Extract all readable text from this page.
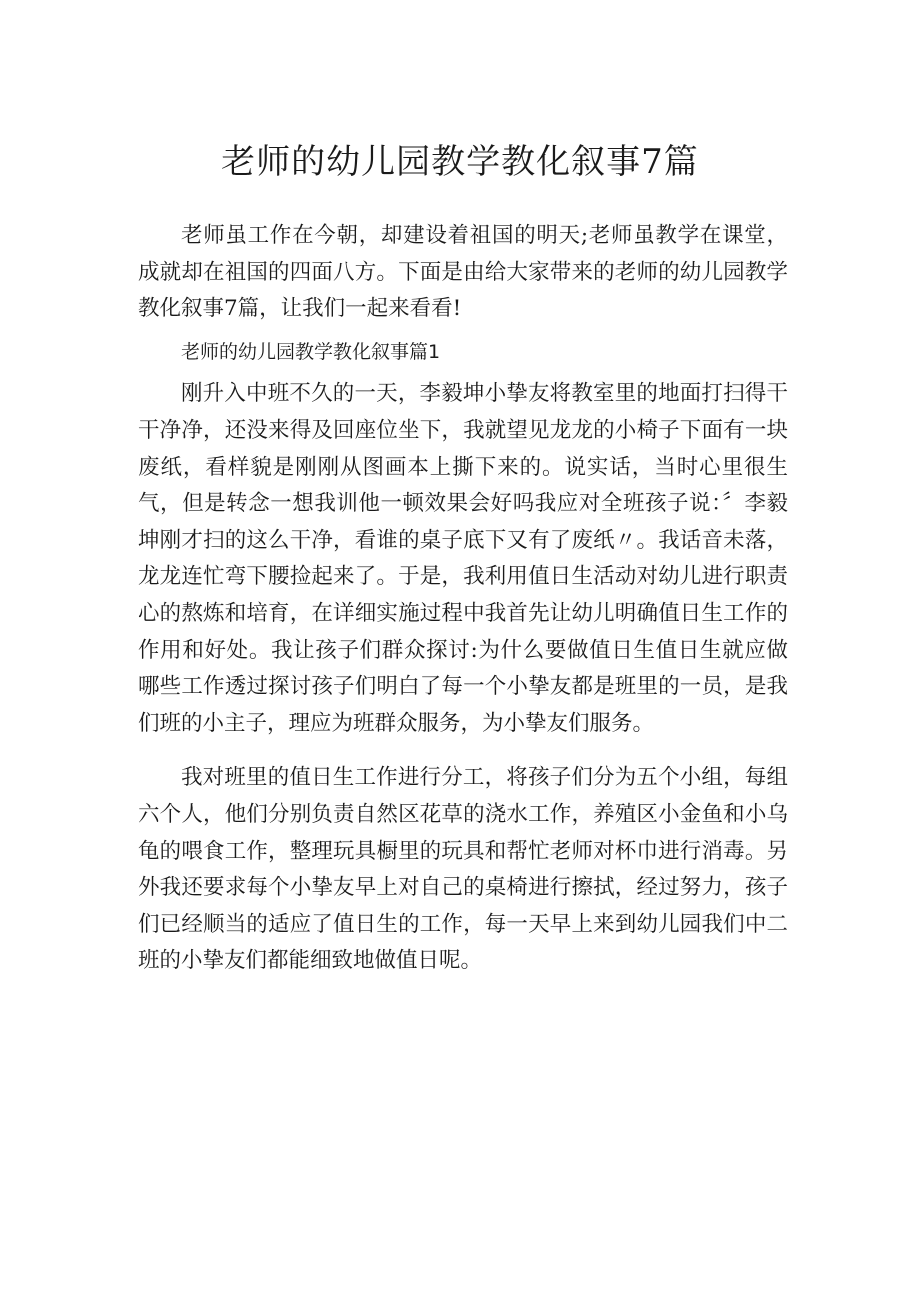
老师的幼儿园教学教化叙事7篇

老师虽工作在今朝，却建设着祖国的明天;老师虽教学在课堂，成就却在祖国的四面八方。下面是由给大家带来的老师的幼儿园教学教化叙事7篇，让我们一起来看看!

老师的幼儿园教学教化叙事篇1

刚升入中班不久的一天，李毅坤小挚友将教室里的地面打扫得干干净净，还没来得及回座位坐下，我就望见龙龙的小椅子下面有一块废纸，看样貌是刚刚从图画本上撕下来的。说实话，当时心里很生气，但是转念一想我训他一顿效果会好吗我应对全班孩子说：〞李毅坤刚才扫的这么干净，看谁的桌子底下又有了废纸〃。我话音未落，龙龙连忙弯下腰捡起来了。于是，我利用值日生活动对幼儿进行职责心的熬炼和培育，在详细实施过程中我首先让幼儿明确值日生工作的作用和好处。我让孩子们群众探讨:为什么要做值日生值日生就应做哪些工作透过探讨孩子们明白了每一个小挚友都是班里的一员，是我们班的小主子，理应为班群众服务，为小挚友们服务。

我对班里的值日生工作进行分工，将孩子们分为五个小组，每组六个人，他们分别负责自然区花草的浇水工作，养殖区小金鱼和小乌龟的喂食工作，整理玩具橱里的玩具和帮忙老师对杯巾进行消毒。另外我还要求每个小挚友早上对自己的桌椅进行擦拭，经过努力，孩子们已经顺当的适应了值日生的工作，每一天早上来到幼儿园我们中二班的小挚友们都能细致地做值日呢。
